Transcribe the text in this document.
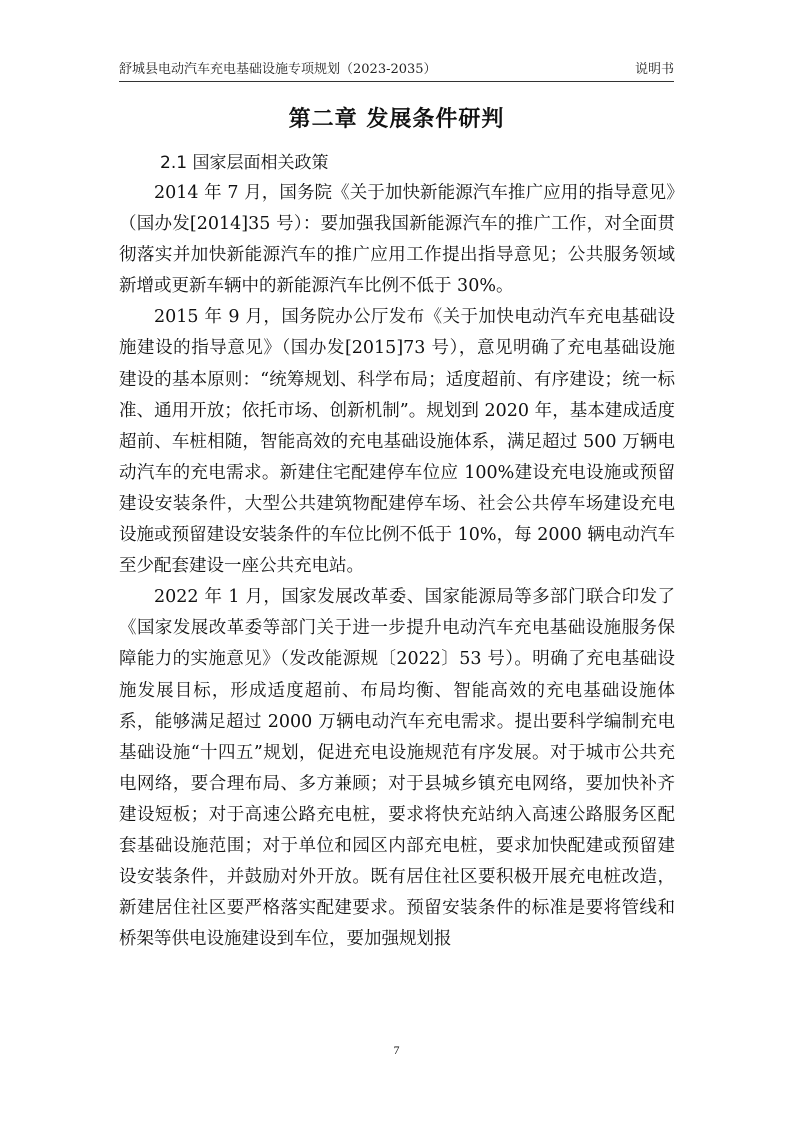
舒城县电动汽车充电基础设施专项规划（2023-2035）	说明书
第二章 发展条件研判
2.1 国家层面相关政策

2014 年 7 月，国务院《关于加快新能源汽车推广应用的指导意见》（国办发[2014]35 号）：要加强我国新能源汽车的推广工作，对全面贯彻落实并加快新能源汽车的推广应用工作提出指导意见；公共服务领域新增或更新车辆中的新能源汽车比例不低于 30%。

2015 年 9 月，国务院办公厅发布《关于加快电动汽车充电基础设施建设的指导意见》（国办发[2015]73 号），意见明确了充电基础设施建设的基本原则：“统筹规划、科学布局；适度超前、有序建设；统一标准、通用开放；依托市场、创新机制”。规划到 2020 年，基本建成适度超前、车桩相随，智能高效的充电基础设施体系，满足超过 500 万辆电动汽车的充电需求。新建住宅配建停车位应 100%建设充电设施或预留建设安装条件，大型公共建筑物配建停车场、社会公共停车场建设充电设施或预留建设安装条件的车位比例不低于 10%，每 2000 辆电动汽车至少配套建设一座公共充电站。

2022 年 1 月，国家发展改革委、国家能源局等多部门联合印发了《国家发展改革委等部门关于进一步提升电动汽车充电基础设施服务保障能力的实施意见》（发改能源规〔2022〕53 号）。明确了充电基础设施发展目标，形成适度超前、布局均衡、智能高效的充电基础设施体系，能够满足超过 2000 万辆电动汽车充电需求。提出要科学编制充电基础设施“十四五”规划，促进充电设施规范有序发展。对于城市公共充电网络，要合理布局、多方兼顾；对于县城乡镇充电网络，要加快补齐建设短板；对于高速公路充电桩，要求将快充站纳入高速公路服务区配套基础设施范围；对于单位和园区内部充电桩，要求加快配建或预留建设安装条件，并鼓励对外开放。既有居住社区要积极开展充电桩改造，新建居住社区要严格落实配建要求。预留安装条件的标准是要将管线和桥架等供电设施建设到车位，要加强规划报

7
